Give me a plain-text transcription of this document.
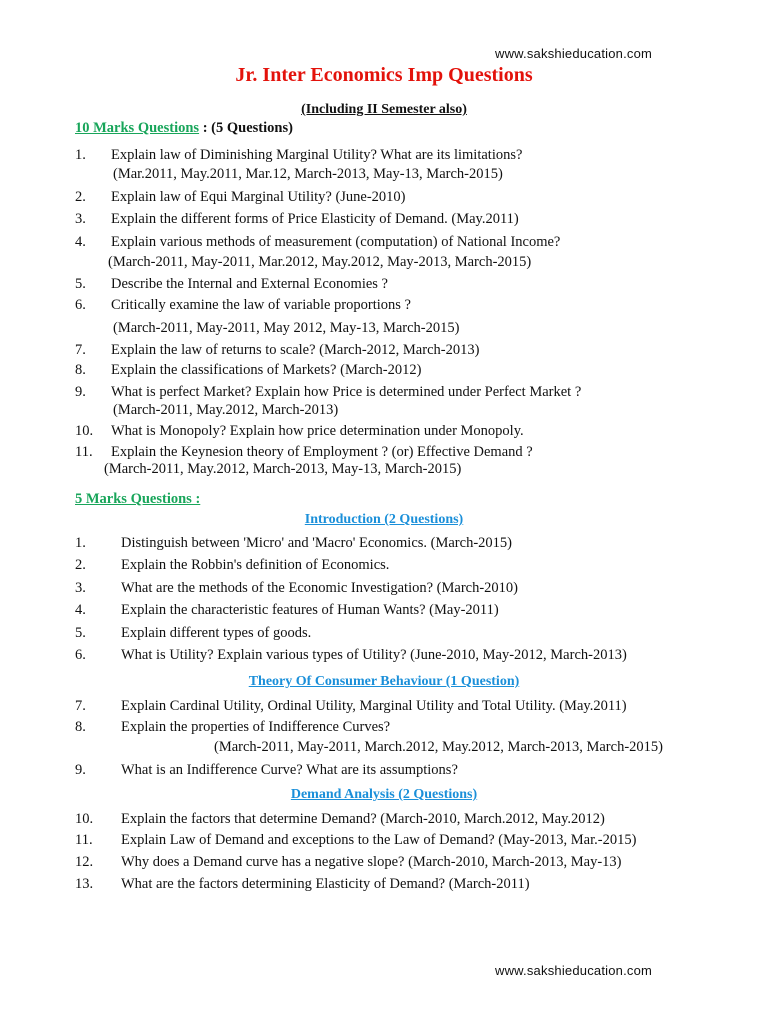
www.sakshieducation.com
Jr. Inter Economics Imp Questions
(Including II Semester also)
10 Marks Questions : (5 Questions)
1. Explain law of Diminishing Marginal Utility? What are its limitations?
(Mar.2011, May.2011, Mar.12, March-2013, May-13, March-2015)
2. Explain law of Equi Marginal Utility? (June-2010)
3. Explain the different forms of Price Elasticity of Demand. (May.2011)
4. Explain various methods of measurement (computation) of National Income?
(March-2011, May-2011, Mar.2012, May.2012, May-2013, March-2015)
5. Describe the Internal and External Economies ?
6. Critically examine the law of variable proportions ?
(March-2011, May-2011, May 2012, May-13, March-2015)
7. Explain the law of returns to scale? (March-2012, March-2013)
8. Explain the classifications of Markets? (March-2012)
9. What is perfect Market? Explain how Price is determined under Perfect Market ?
(March-2011, May.2012, March-2013)
10. What is Monopoly? Explain how price determination under Monopoly.
11. Explain the Keynesion theory of Employment ? (or) Effective Demand ?
(March-2011, May.2012, March-2013, May-13, March-2015)
5 Marks Questions :
Introduction (2 Questions)
1. Distinguish between 'Micro' and 'Macro' Economics. (March-2015)
2. Explain the Robbin's definition of Economics.
3. What are the methods of the Economic Investigation? (March-2010)
4. Explain the characteristic features of Human Wants? (May-2011)
5. Explain different types of goods.
6. What is Utility? Explain various types of Utility? (June-2010, May-2012, March-2013)
Theory Of Consumer Behaviour (1 Question)
7. Explain Cardinal Utility, Ordinal Utility, Marginal Utility and Total Utility. (May.2011)
8. Explain the properties of Indifference Curves?
(March-2011, May-2011, March.2012, May.2012, March-2013, March-2015)
9. What is an Indifference Curve? What are its assumptions?
Demand Analysis (2 Questions)
10. Explain the factors that determine Demand? (March-2010, March.2012, May.2012)
11. Explain Law of Demand and exceptions to the Law of Demand? (May-2013, Mar.-2015)
12. Why does a Demand curve has a negative slope? (March-2010, March-2013, May-13)
13. What are the factors determining Elasticity of Demand? (March-2011)
www.sakshieducation.com
